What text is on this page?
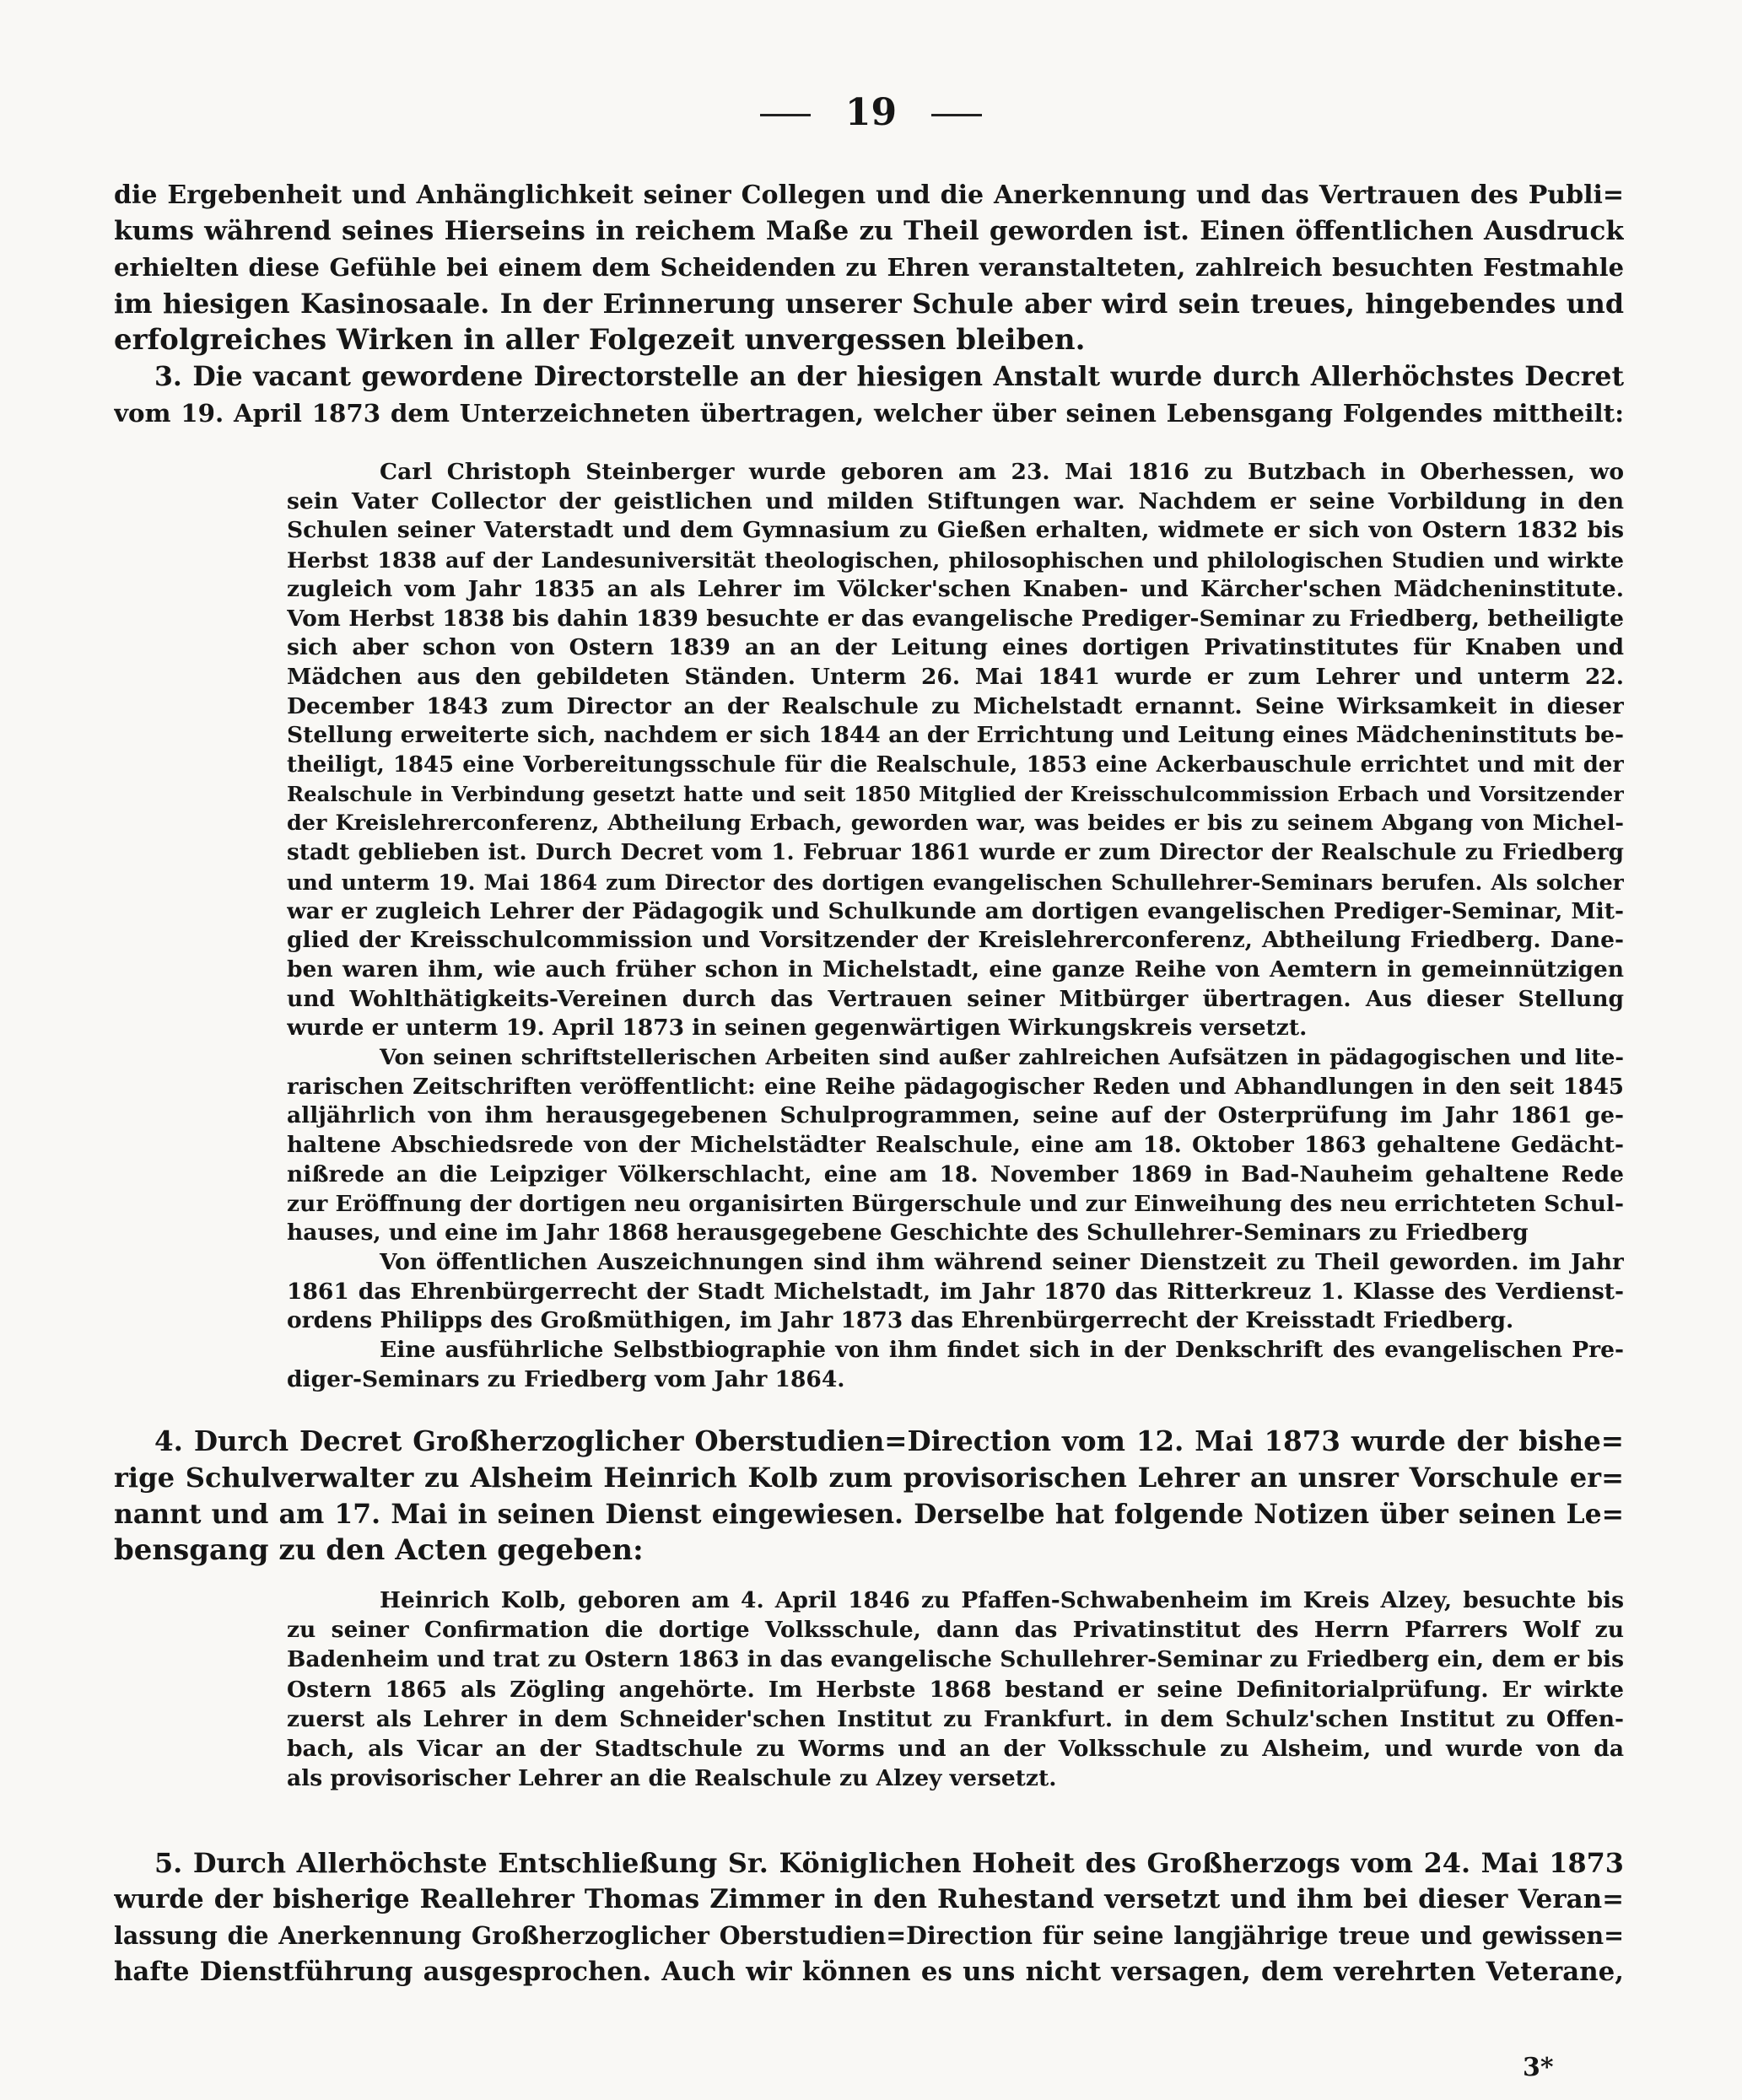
19
die Ergebenheit und Anhänglichkeit seiner Collegen und die Anerkennung und das Vertrauen des Publi=
kums während seines Hierseins in reichem Maße zu Theil geworden ist. Einen öffentlichen Ausdruck
erhielten diese Gefühle bei einem dem Scheidenden zu Ehren veranstalteten, zahlreich besuchten Festmahle
im hiesigen Kasinosaale. In der Erinnerung unserer Schule aber wird sein treues, hingebendes und
erfolgreiches Wirken in aller Folgezeit unvergessen bleiben.
3. Die vacant gewordene Directorstelle an der hiesigen Anstalt wurde durch Allerhöchstes Decret
vom 19. April 1873 dem Unterzeichneten übertragen, welcher über seinen Lebensgang Folgendes mittheilt:
Carl Christoph Steinberger wurde geboren am 23. Mai 1816 zu Butzbach in Oberhessen, wo
sein Vater Collector der geistlichen und milden Stiftungen war. Nachdem er seine Vorbildung in den
Schulen seiner Vaterstadt und dem Gymnasium zu Gießen erhalten, widmete er sich von Ostern 1832 bis
Herbst 1838 auf der Landesuniversität theologischen, philosophischen und philologischen Studien und wirkte
zugleich vom Jahr 1835 an als Lehrer im Völcker'schen Knaben- und Kärcher'schen Mädcheninstitute.
Vom Herbst 1838 bis dahin 1839 besuchte er das evangelische Prediger-Seminar zu Friedberg, betheiligte
sich aber schon von Ostern 1839 an an der Leitung eines dortigen Privatinstitutes für Knaben und
Mädchen aus den gebildeten Ständen. Unterm 26. Mai 1841 wurde er zum Lehrer und unterm 22.
December 1843 zum Director an der Realschule zu Michelstadt ernannt. Seine Wirksamkeit in dieser
Stellung erweiterte sich, nachdem er sich 1844 an der Errichtung und Leitung eines Mädcheninstituts be-
theiligt, 1845 eine Vorbereitungsschule für die Realschule, 1853 eine Ackerbauschule errichtet und mit der
Realschule in Verbindung gesetzt hatte und seit 1850 Mitglied der Kreisschulcommission Erbach und Vorsitzender
der Kreislehrerconferenz, Abtheilung Erbach, geworden war, was beides er bis zu seinem Abgang von Michel-
stadt geblieben ist. Durch Decret vom 1. Februar 1861 wurde er zum Director der Realschule zu Friedberg
und unterm 19. Mai 1864 zum Director des dortigen evangelischen Schullehrer-Seminars berufen. Als solcher
war er zugleich Lehrer der Pädagogik und Schulkunde am dortigen evangelischen Prediger-Seminar, Mit-
glied der Kreisschulcommission und Vorsitzender der Kreislehrerconferenz, Abtheilung Friedberg. Dane-
ben waren ihm, wie auch früher schon in Michelstadt, eine ganze Reihe von Aemtern in gemeinnützigen
und Wohlthätigkeits-Vereinen durch das Vertrauen seiner Mitbürger übertragen. Aus dieser Stellung
wurde er unterm 19. April 1873 in seinen gegenwärtigen Wirkungskreis versetzt.
Von seinen schriftstellerischen Arbeiten sind außer zahlreichen Aufsätzen in pädagogischen und lite-
rarischen Zeitschriften veröffentlicht: eine Reihe pädagogischer Reden und Abhandlungen in den seit 1845
alljährlich von ihm herausgegebenen Schulprogrammen, seine auf der Osterprüfung im Jahr 1861 ge-
haltene Abschiedsrede von der Michelstädter Realschule, eine am 18. Oktober 1863 gehaltene Gedächt-
nißrede an die Leipziger Völkerschlacht, eine am 18. November 1869 in Bad-Nauheim gehaltene Rede
zur Eröffnung der dortigen neu organisirten Bürgerschule und zur Einweihung des neu errichteten Schul-
hauses, und eine im Jahr 1868 herausgegebene Geschichte des Schullehrer-Seminars zu Friedberg
Von öffentlichen Auszeichnungen sind ihm während seiner Dienstzeit zu Theil geworden. im Jahr
1861 das Ehrenbürgerrecht der Stadt Michelstadt, im Jahr 1870 das Ritterkreuz 1. Klasse des Verdienst-
ordens Philipps des Großmüthigen, im Jahr 1873 das Ehrenbürgerrecht der Kreisstadt Friedberg.
Eine ausführliche Selbstbiographie von ihm findet sich in der Denkschrift des evangelischen Pre-
diger-Seminars zu Friedberg vom Jahr 1864.
4. Durch Decret Großherzoglicher Oberstudien=Direction vom 12. Mai 1873 wurde der bishe=
rige Schulverwalter zu Alsheim Heinrich Kolb zum provisorischen Lehrer an unsrer Vorschule er=
nannt und am 17. Mai in seinen Dienst eingewiesen. Derselbe hat folgende Notizen über seinen Le=
bensgang zu den Acten gegeben:
Heinrich Kolb, geboren am 4. April 1846 zu Pfaffen-Schwabenheim im Kreis Alzey, besuchte bis
zu seiner Confirmation die dortige Volksschule, dann das Privatinstitut des Herrn Pfarrers Wolf zu
Badenheim und trat zu Ostern 1863 in das evangelische Schullehrer-Seminar zu Friedberg ein, dem er bis
Ostern 1865 als Zögling angehörte. Im Herbste 1868 bestand er seine Definitorialprüfung. Er wirkte
zuerst als Lehrer in dem Schneider'schen Institut zu Frankfurt. in dem Schulz'schen Institut zu Offen-
bach, als Vicar an der Stadtschule zu Worms und an der Volksschule zu Alsheim, und wurde von da
als provisorischer Lehrer an die Realschule zu Alzey versetzt.
5. Durch Allerhöchste Entschließung Sr. Königlichen Hoheit des Großherzogs vom 24. Mai 1873
wurde der bisherige Reallehrer Thomas Zimmer in den Ruhestand versetzt und ihm bei dieser Veran=
lassung die Anerkennung Großherzoglicher Oberstudien=Direction für seine langjährige treue und gewissen=
hafte Dienstführung ausgesprochen. Auch wir können es uns nicht versagen, dem verehrten Veterane,
3*
